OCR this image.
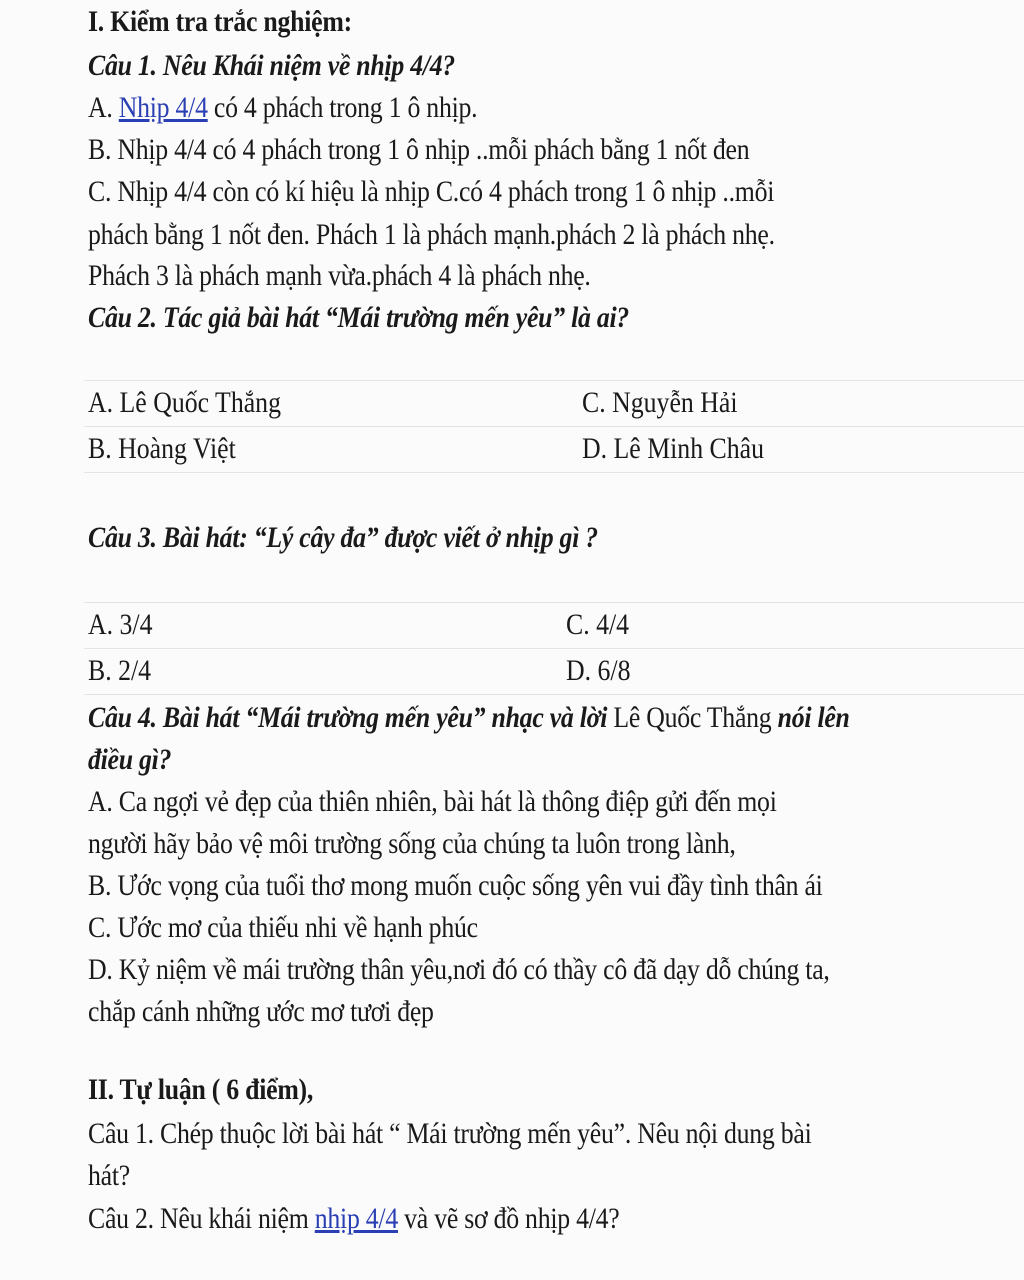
I. Kiểm tra trắc nghiệm:
Câu 1. Nêu Khái niệm về nhịp 4/4?
A. Nhịp 4/4 có 4 phách trong 1 ô nhịp.
B. Nhịp 4/4 có 4 phách trong 1 ô nhịp ..mỗi phách bằng 1 nốt đen
C. Nhịp 4/4 còn có kí hiệu là nhịp C.có 4 phách trong 1 ô nhịp ..mỗi
phách bằng 1 nốt đen. Phách 1 là phách mạnh.phách 2 là phách nhẹ.
Phách 3 là phách mạnh vừa.phách 4 là phách nhẹ.
Câu 2. Tác giả bài hát “Mái trường mến yêu” là ai?
A. Lê Quốc Thắng	C. Nguyễn Hải
B. Hoàng Việt	D. Lê Minh Châu
Câu 3. Bài hát: “Lý cây đa” được viết ở nhịp gì ?
A. 3/4	C. 4/4
B. 2/4	D. 6/8
Câu 4. Bài hát “Mái trường mến yêu” nhạc và lời Lê Quốc Thắng nói lên
điều gì?
A. Ca ngợi vẻ đẹp của thiên nhiên, bài hát là thông điệp gửi đến mọi
người hãy bảo vệ môi trường sống của chúng ta luôn trong lành,
B. Ước vọng của tuổi thơ mong muốn cuộc sống yên vui đầy tình thân ái
C. Ước mơ của thiếu nhi về hạnh phúc
D. Kỷ niệm về mái trường thân yêu,nơi đó có thầy cô đã dạy dỗ chúng ta,
chắp cánh những ước mơ tươi đẹp
II. Tự luận ( 6 điểm),
Câu 1. Chép thuộc lời bài hát “ Mái trường mến yêu”. Nêu nội dung bài
hát?
Câu 2. Nêu khái niệm nhịp 4/4 và vẽ sơ đồ nhịp 4/4?
